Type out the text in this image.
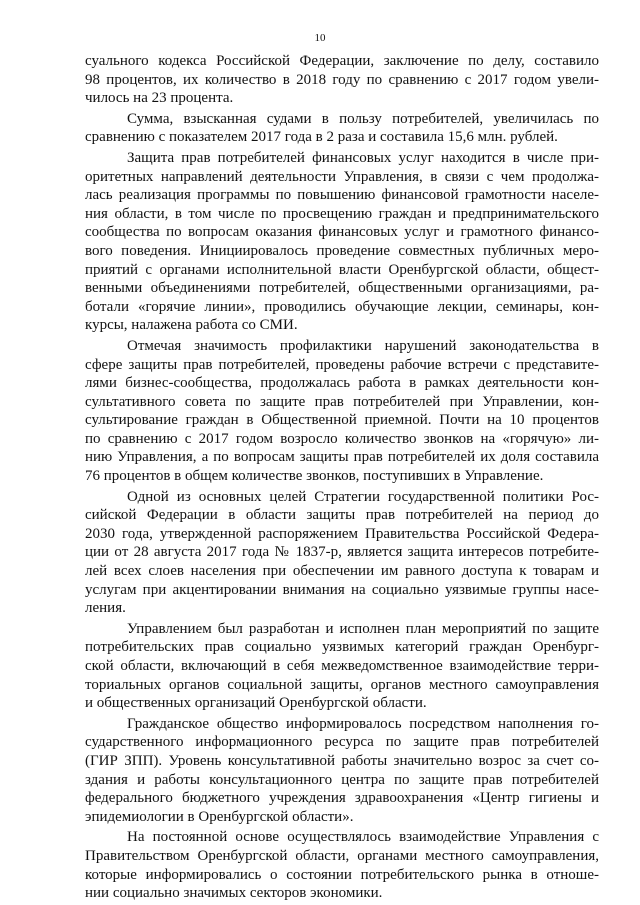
10
суального кодекса Российской Федерации, заключение по делу, составило
98 процентов, их количество в 2018 году по сравнению с 2017 годом увели-
чилось на 23 процента.
Сумма, взысканная судами в пользу потребителей, увеличилась по
сравнению с показателем 2017 года в 2 раза и составила 15,6 млн. рублей.
Защита прав потребителей финансовых услуг находится в числе при-
оритетных направлений деятельности Управления, в связи с чем продолжа-
лась реализация программы по повышению финансовой грамотности населе-
ния области, в том числе по просвещению граждан и предпринимательского
сообщества по вопросам оказания финансовых услуг и грамотного финансо-
вого поведения. Инициировалось проведение совместных публичных меро-
приятий с органами исполнительной власти Оренбургской области, общест-
венными объединениями потребителей, общественными организациями, ра-
ботали «горячие линии», проводились обучающие лекции, семинары, кон-
курсы, налажена работа со СМИ.
Отмечая значимость профилактики нарушений законодательства в
сфере защиты прав потребителей, проведены рабочие встречи с представите-
лями бизнес-сообщества, продолжалась работа в рамках деятельности кон-
сультативного совета по защите прав потребителей при Управлении, кон-
сультирование граждан в Общественной приемной. Почти на 10 процентов
по сравнению с 2017 годом возросло количество звонков на «горячую» ли-
нию Управления, а по вопросам защиты прав потребителей их доля составила
76 процентов в общем количестве звонков, поступивших в Управление.
Одной из основных целей Стратегии государственной политики Рос-
сийской Федерации в области защиты прав потребителей на период до
2030 года, утвержденной распоряжением Правительства Российской Федера-
ции от 28 августа 2017 года № 1837-р, является защита интересов потребите-
лей всех слоев населения при обеспечении им равного доступа к товарам и
услугам при акцентировании внимания на социально уязвимые группы насе-
ления.
Управлением был разработан и исполнен план мероприятий по защите
потребительских прав социально уязвимых категорий граждан Оренбург-
ской области, включающий в себя межведомственное взаимодействие терри-
ториальных органов социальной защиты, органов местного самоуправления
и общественных организаций Оренбургской области.
Гражданское общество информировалось посредством наполнения го-
сударственного информационного ресурса по защите прав потребителей
(ГИР ЗПП). Уровень консультативной работы значительно возрос за счет со-
здания и работы консультационного центра по защите прав потребителей
федерального бюджетного учреждения здравоохранения «Центр гигиены и
эпидемиологии в Оренбургской области».
На постоянной основе осуществлялось взаимодействие Управления с
Правительством Оренбургской области, органами местного самоуправления,
которые информировались о состоянии потребительского рынка в отноше-
нии социально значимых секторов экономики.
